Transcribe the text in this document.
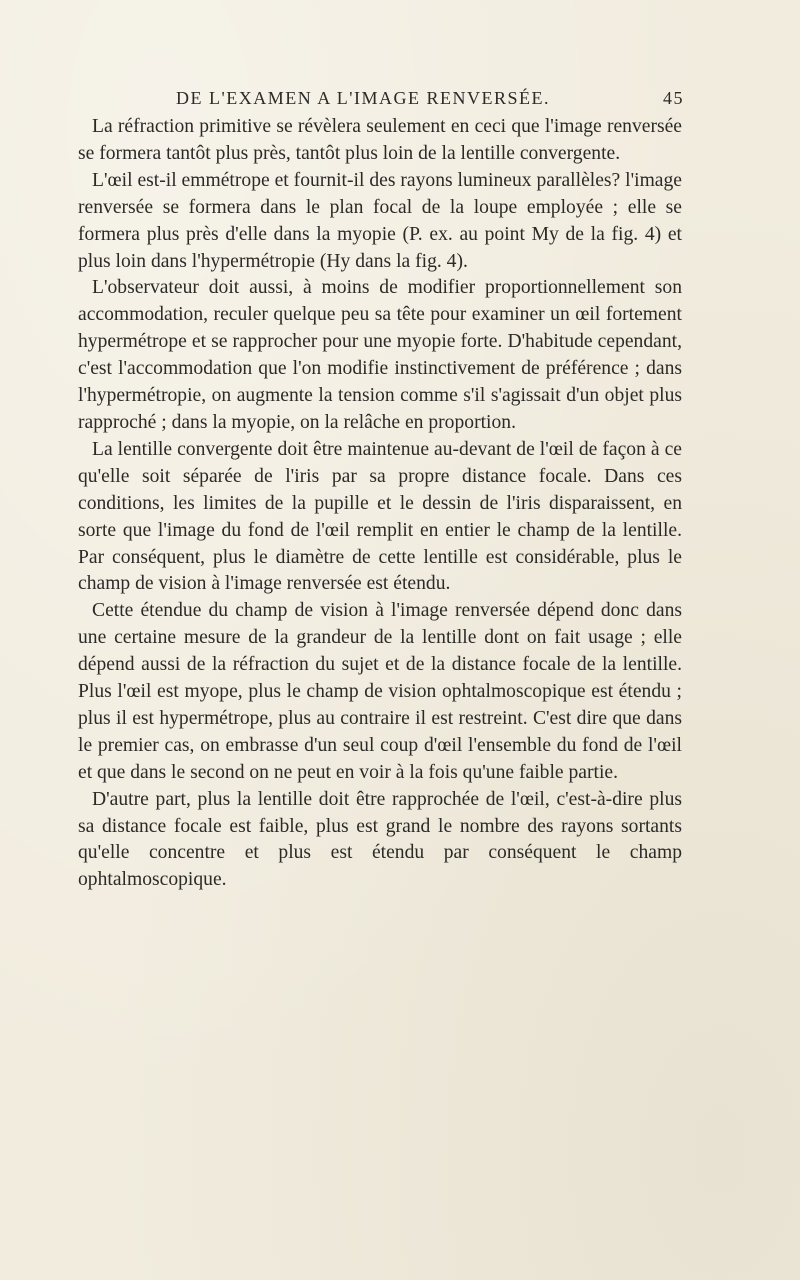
DE L'EXAMEN A L'IMAGE RENVERSÉE.	45

La réfraction primitive se révèlera seulement en ceci que l'image renversée se formera tantôt plus près, tantôt plus loin de la lentille convergente.

L'œil est-il emmétrope et fournit-il des rayons lumineux parallèles? l'image renversée se formera dans le plan focal de la loupe employée ; elle se formera plus près d'elle dans la myopie (P. ex. au point My de la fig. 4) et plus loin dans l'hypermétropie (Hy dans la fig. 4).

L'observateur doit aussi, à moins de modifier proportionnellement son accommodation, reculer quelque peu sa tête pour examiner un œil fortement hypermétrope et se rapprocher pour une myopie forte. D'habitude cependant, c'est l'accommodation que l'on modifie instinctivement de préférence ; dans l'hypermétropie, on augmente la tension comme s'il s'agissait d'un objet plus rapproché ; dans la myopie, on la relâche en proportion.

La lentille convergente doit être maintenue au-devant de l'œil de façon à ce qu'elle soit séparée de l'iris par sa propre distance focale. Dans ces conditions, les limites de la pupille et le dessin de l'iris disparaissent, en sorte que l'image du fond de l'œil remplit en entier le champ de la lentille. Par conséquent, plus le diamètre de cette lentille est considérable, plus le champ de vision à l'image renversée est étendu.

Cette étendue du champ de vision à l'image renversée dépend donc dans une certaine mesure de la grandeur de la lentille dont on fait usage ; elle dépend aussi de la réfraction du sujet et de la distance focale de la lentille. Plus l'œil est myope, plus le champ de vision ophtalmoscopique est étendu ; plus il est hypermétrope, plus au contraire il est restreint. C'est dire que dans le premier cas, on embrasse d'un seul coup d'œil l'ensemble du fond de l'œil et que dans le second on ne peut en voir à la fois qu'une faible partie.

D'autre part, plus la lentille doit être rapprochée de l'œil, c'est-à-dire plus sa distance focale est faible, plus est grand le nombre des rayons sortants qu'elle concentre et plus est étendu par conséquent le champ ophtalmoscopique.
